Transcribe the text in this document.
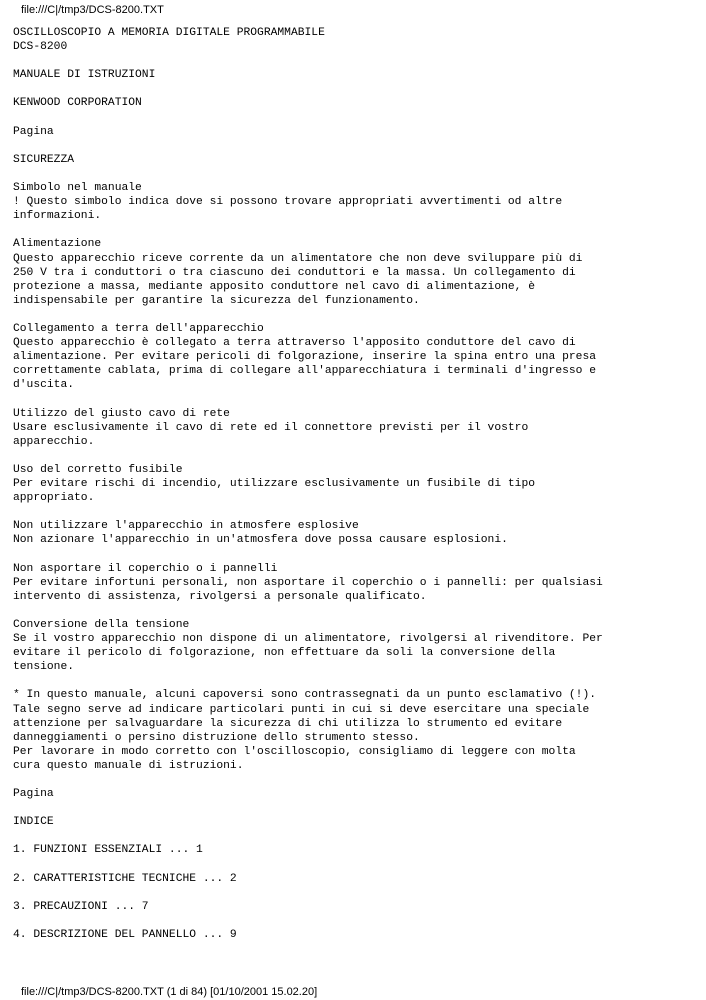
file:///C|/tmp3/DCS-8200.TXT
OSCILLOSCOPIO A MEMORIA DIGITALE PROGRAMMABILE
DCS-8200
MANUALE DI ISTRUZIONI
KENWOOD CORPORATION
Pagina
SICUREZZA
Simbolo nel manuale
! Questo simbolo indica dove si possono trovare appropriati avvertimenti od altre
informazioni.
Alimentazione
Questo apparecchio riceve corrente da un alimentatore che non deve sviluppare più di
250 V tra i conduttori o tra ciascuno dei conduttori e la massa. Un collegamento di
protezione a massa, mediante apposito conduttore nel cavo di alimentazione, è
indispensabile per garantire la sicurezza del funzionamento.
Collegamento a terra dell'apparecchio
Questo apparecchio è collegato a terra attraverso l'apposito conduttore del cavo di
alimentazione. Per evitare pericoli di folgorazione, inserire la spina entro una presa
correttamente cablata, prima di collegare all'apparecchiatura i terminali d'ingresso e
d'uscita.
Utilizzo del giusto cavo di rete
Usare esclusivamente il cavo di rete ed il connettore previsti per il vostro
apparecchio.
Uso del corretto fusibile
Per evitare rischi di incendio, utilizzare esclusivamente un fusibile di tipo
appropriato.
Non utilizzare l'apparecchio in atmosfere esplosive
Non azionare l'apparecchio in un'atmosfera dove possa causare esplosioni.
Non asportare il coperchio o i pannelli
Per evitare infortuni personali, non asportare il coperchio o i pannelli: per qualsiasi
intervento di assistenza, rivolgersi a personale qualificato.
Conversione della tensione
Se il vostro apparecchio non dispone di un alimentatore, rivolgersi al rivenditore. Per
evitare il pericolo di folgorazione, non effettuare da soli la conversione della
tensione.
* In questo manuale, alcuni capoversi sono contrassegnati da un punto esclamativo (!).
Tale segno serve ad indicare particolari punti in cui si deve esercitare una speciale
attenzione per salvaguardare la sicurezza di chi utilizza lo strumento ed evitare
danneggiamenti o persino distruzione dello strumento stesso.
Per lavorare in modo corretto con l'oscilloscopio, consigliamo di leggere con molta
cura questo manuale di istruzioni.
Pagina
INDICE
1. FUNZIONI ESSENZIALI ... 1
2. CARATTERISTICHE TECNICHE ... 2
3. PRECAUZIONI ... 7
4. DESCRIZIONE DEL PANNELLO ... 9
file:///C|/tmp3/DCS-8200.TXT (1 di 84) [01/10/2001 15.02.20]
